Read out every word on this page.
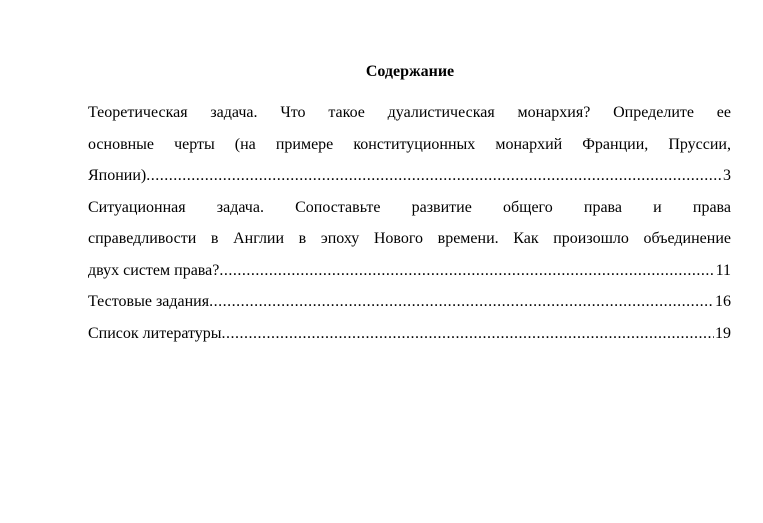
Содержание
Теоретическая задача. Что такое дуалистическая монархия? Определите ее
основные черты (на примере конституционных монархий Франции, Пруссии,
Японии) .....	3
Ситуационная задача. Сопоставьте развитие общего права и права
справедливости в Англии в эпоху Нового времени. Как произошло объединение
двух систем права? .....	11
Тестовые задания .....	16
Список литературы .....	19
